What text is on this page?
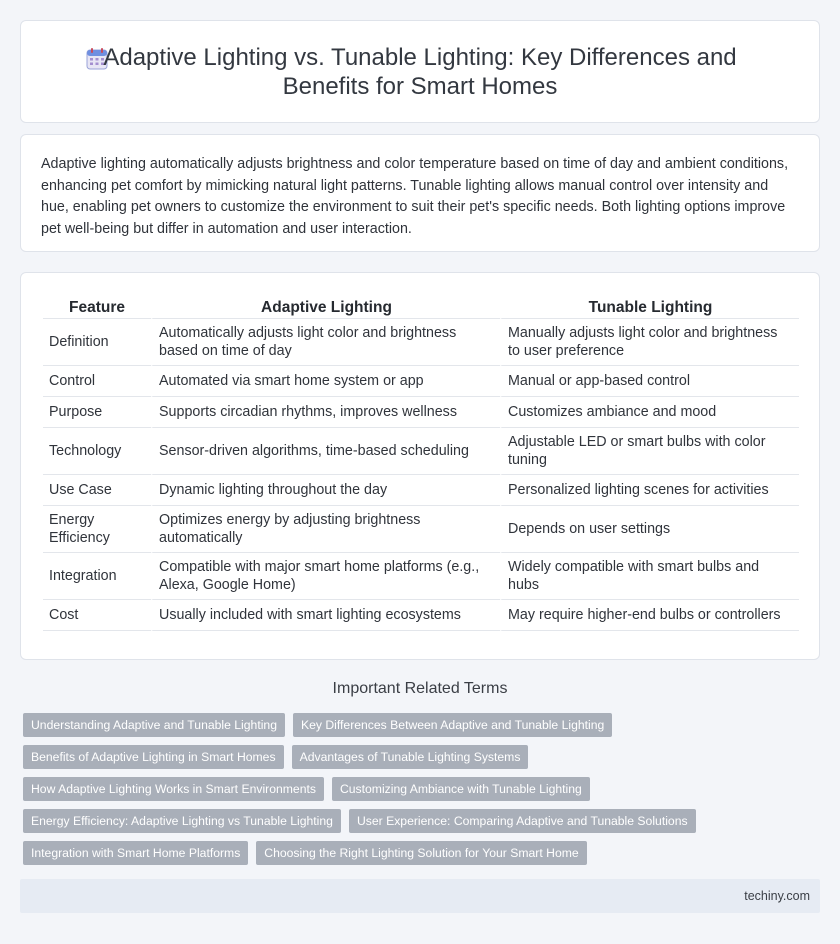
Adaptive Lighting vs. Tunable Lighting: Key Differences and Benefits for Smart Homes

Adaptive lighting automatically adjusts brightness and color temperature based on time of day and ambient conditions, enhancing pet comfort by mimicking natural light patterns. Tunable lighting allows manual control over intensity and hue, enabling pet owners to customize the environment to suit their pet's specific needs. Both lighting options improve pet well-being but differ in automation and user interaction.

Feature	Adaptive Lighting	Tunable Lighting
Definition	Automatically adjusts light color and brightness based on time of day	Manually adjusts light color and brightness to user preference
Control	Automated via smart home system or app	Manual or app-based control
Purpose	Supports circadian rhythms, improves wellness	Customizes ambiance and mood
Technology	Sensor-driven algorithms, time-based scheduling	Adjustable LED or smart bulbs with color tuning
Use Case	Dynamic lighting throughout the day	Personalized lighting scenes for activities
Energy Efficiency	Optimizes energy by adjusting brightness automatically	Depends on user settings
Integration	Compatible with major smart home platforms (e.g., Alexa, Google Home)	Widely compatible with smart bulbs and hubs
Cost	Usually included with smart lighting ecosystems	May require higher-end bulbs or controllers
Important Related Terms
Understanding Adaptive and Tunable Lighting	Key Differences Between Adaptive and Tunable Lighting
Benefits of Adaptive Lighting in Smart Homes	Advantages of Tunable Lighting Systems
How Adaptive Lighting Works in Smart Environments	Customizing Ambiance with Tunable Lighting
Energy Efficiency: Adaptive Lighting vs Tunable Lighting	User Experience: Comparing Adaptive and Tunable Solutions
Integration with Smart Home Platforms	Choosing the Right Lighting Solution for Your Smart Home
techiny.com
